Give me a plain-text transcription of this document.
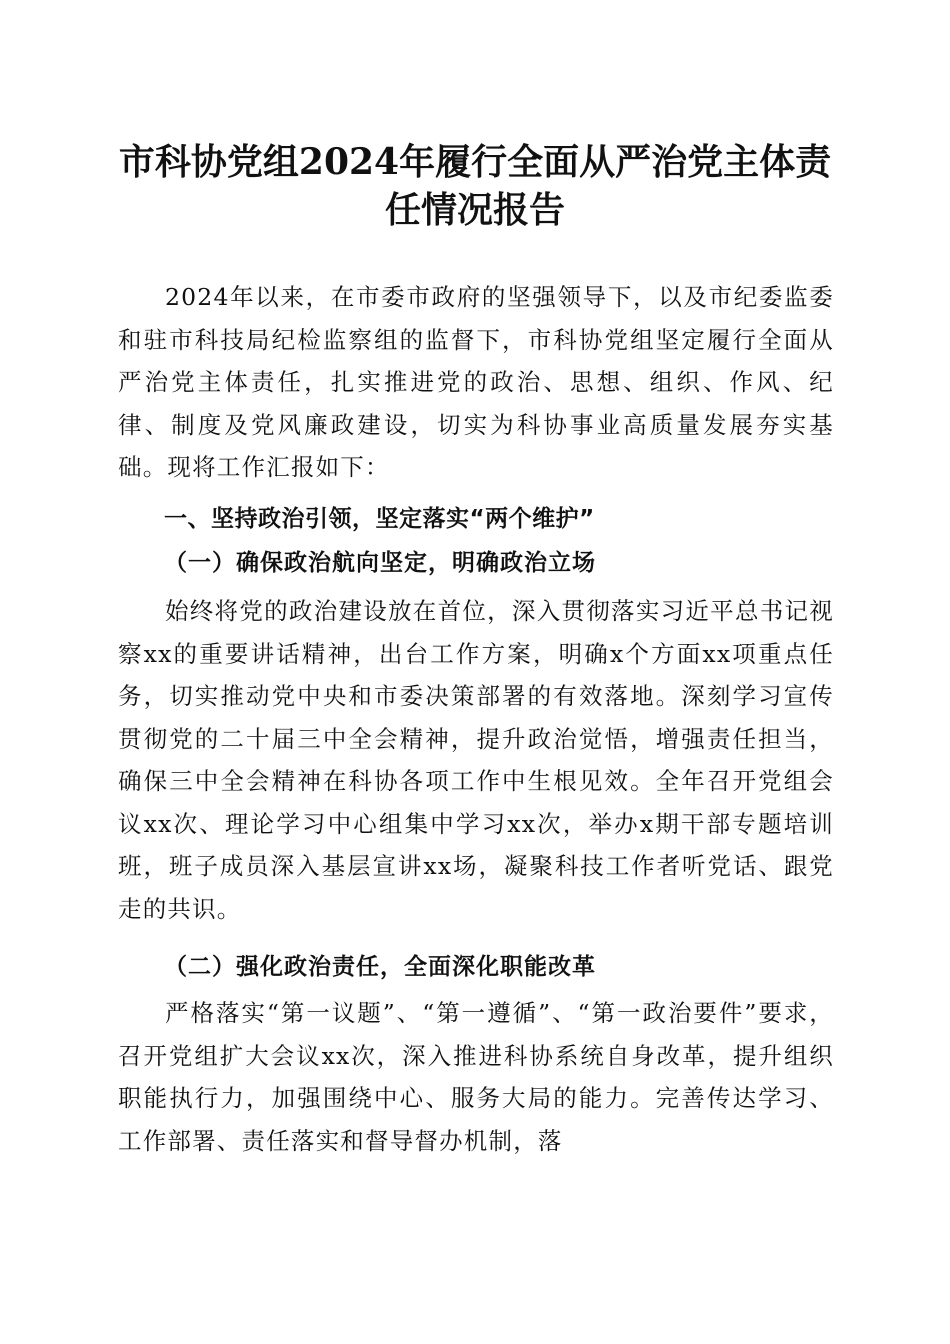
市科协党组2024年履行全面从严治党主体责
任情况报告

2024年以来，在市委市政府的坚强领导下，以及市纪委监委和驻市科技局纪检监察组的监督下，市科协党组坚定履行全面从严治党主体责任，扎实推进党的政治、思想、组织、作风、纪律、制度及党风廉政建设，切实为科协事业高质量发展夯实基础。现将工作汇报如下：

一、坚持政治引领，坚定落实“两个维护”

（一）确保政治航向坚定，明确政治立场

始终将党的政治建设放在首位，深入贯彻落实习近平总书记视察xx的重要讲话精神，出台工作方案，明确x个方面xx项重点任务，切实推动党中央和市委决策部署的有效落地。深刻学习宣传贯彻党的二十届三中全会精神，提升政治觉悟，增强责任担当，确保三中全会精神在科协各项工作中生根见效。全年召开党组会议xx次、理论学习中心组集中学习xx次，举办x期干部专题培训班，班子成员深入基层宣讲xx场，凝聚科技工作者听党话、跟党走的共识。

（二）强化政治责任，全面深化职能改革

严格落实“第一议题”、“第一遵循”、“第一政治要件”要求，召开党组扩大会议xx次，深入推进科协系统自身改革，提升组织职能执行力，加强围绕中心、服务大局的能力。完善传达学习、工作部署、责任落实和督导督办机制，落
